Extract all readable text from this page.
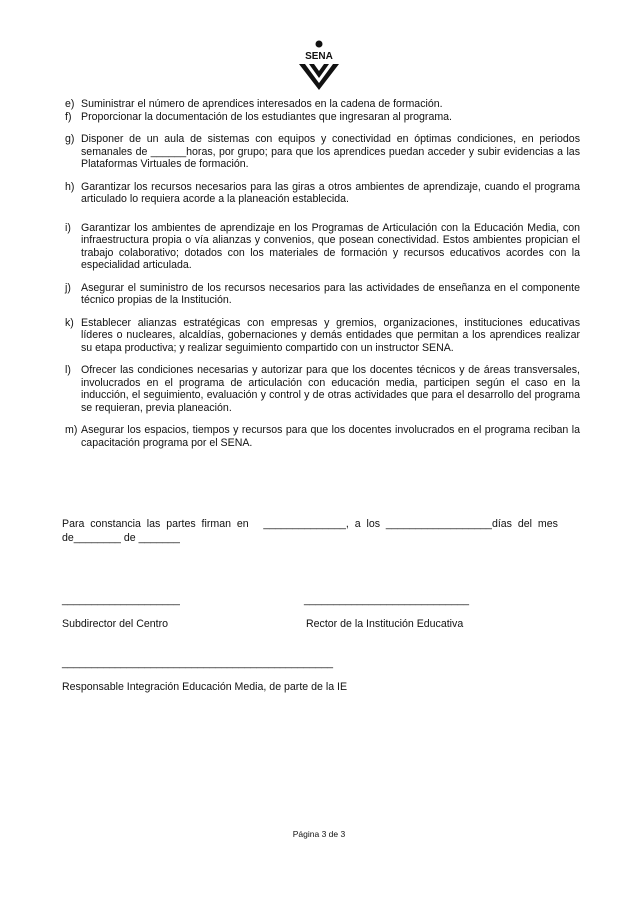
SENA
e) Suministrar el número de aprendices interesados en la cadena de formación.
f) Proporcionar la documentación de los estudiantes que ingresaran al programa.
g) Disponer de un aula de sistemas con equipos y conectividad en óptimas condiciones, en periodos semanales de ______horas, por grupo; para que los aprendices puedan acceder y subir evidencias a las Plataformas Virtuales de formación.
h) Garantizar los recursos necesarios para las giras a otros ambientes de aprendizaje, cuando el programa articulado lo requiera acorde a la planeación establecida.
i) Garantizar los ambientes de aprendizaje en los Programas de Articulación con la Educación Media, con infraestructura propia o vía alianzas y convenios, que posean conectividad. Estos ambientes propician el trabajo colaborativo; dotados con los materiales de formación y recursos educativos acordes con la especialidad articulada.
j) Asegurar el suministro de los recursos necesarios para las actividades de enseñanza en el componente técnico propias de la Institución.
k) Establecer alianzas estratégicas con empresas y gremios, organizaciones, instituciones educativas líderes o nucleares, alcaldías, gobernaciones y demás entidades que permitan a los aprendices realizar su etapa productiva; y realizar seguimiento compartido con un instructor SENA.
l) Ofrecer las condiciones necesarias y autorizar para que los docentes técnicos y de áreas transversales, involucrados en el programa de articulación con educación media, participen según el caso en la inducción, el seguimiento, evaluación y control y de otras actividades que para el desarrollo del programa se requieran, previa planeación.
m) Asegurar los espacios, tiempos y recursos para que los docentes involucrados en el programa reciban la capacitación programa por el SENA.
Para  constancia  las  partes  firman  en     ______________,  a  los  __________________días  del  mes
de________ de _______
____________________
Subdirector del Centro
____________________________
Rector de la Institución Educativa
______________________________________________
Responsable Integración Educación Media, de parte de la IE
Página 3 de 3
